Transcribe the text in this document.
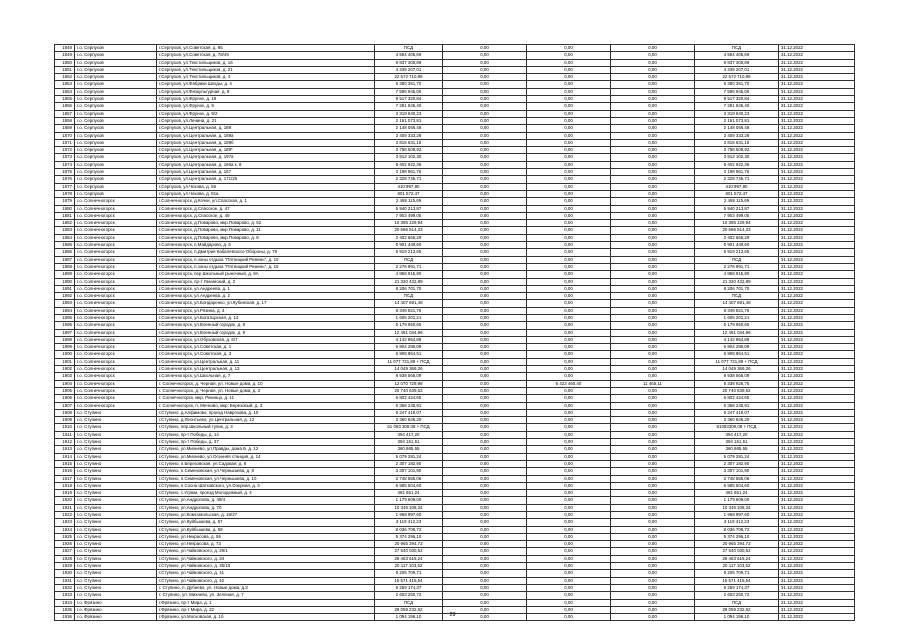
1848	г.о. Серпухов	г.Серпухов, ул.Советская, д. 85	ПСД	0,00	0,00	0,00	ПСД	31.12.2022
1849	г.о. Серпухов	г.Серпухов, ул.Советская, д. 78/49	4 594 405,69	0,00	0,00	0,00	4 594 405,69	31.12.2022
1850	г.о. Серпухов	г.Серпухов, ул.Текстильщиков, д. 16	9 837 300,89	0,00	0,00	0,00	9 837 300,89	31.12.2022
1851	г.о. Серпухов	г.Серпухов, ул.Текстильщиков, д. 21	4 339 207,01	0,00	0,00	0,00	4 339 207,01	31.12.2022
1852	г.о. Серпухов	г.Серпухов, ул.Текстильщиков, д. 4	22 572 710,98	0,00	0,00	0,00	22 572 710,98	31.12.2022
1853	г.о. Серпухов	г.Серпухов, ул.Фабрики Шкоды, д. 4	5 380 351,70	0,00	0,00	0,00	5 380 351,70	31.12.2022
1854	г.о. Серпухов	г.Серпухов, ул.Физкультурная, д. 8	7 596 946,06	0,00	0,00	0,00	7 596 946,06	31.12.2022
1855	г.о. Серпухов	г.Серпухов, ул.Фрунзе, д. 19	8 517 320,84	0,00	0,00	0,00	8 517 320,84	31.12.2022
1856	г.о. Серпухов	г.Серпухов, ул.Фрунзе, д. 9	7 281 946,40	0,00	0,00	0,00	7 281 946,40	31.12.2022
1857	г.о. Серпухов	г.Серпухов, ул.Фрунзе, д. 9/2	3 319 840,23	0,00	0,00	0,00	3 319 840,23	31.12.2022
1858	г.о. Серпухов	г.Серпухов, ул.Ленина, д. 21	2 161 073,81	0,00	0,00	0,00	2 161 073,81	31.12.2022
1859	г.о. Серпухов	г.Серпухов, ул.Центральная, д. 189	2 148 056,48	0,00	0,00	0,00	2 148 056,48	31.12.2022
1870	г.о. Серпухов	г.Серпухов, ул.Центральная, д. 189а	3 409 333,28	0,00	0,00	0,00	3 409 333,28	31.12.2022
1871	г.о. Серпухов	г.Серпухов, ул.Центральная, д. 189б	3 815 631,18	0,00	0,00	0,00	3 815 631,18	31.12.2022
1872	г.о. Серпухов	г.Серпухов, ул.Центральная, д. 189*	3 758 509,92	0,00	0,00	0,00	3 758 509,92	31.12.2022
1873	г.о. Серпухов	г.Серпухов, ул.Центральная, д. 197а	3 812 102,30	0,00	0,00	0,00	3 812 102,30	31.12.2022
1874	г.о. Серпухов	г.Серпухов, ул.Центральная, д. 166а к. 8	5 402 922,36	0,00	0,00	0,00	5 402 922,36	31.12.2022
1875	г.о. Серпухов	г.Серпухов, ул.Центральная, д. 167	3 198 961,76	0,00	0,00	0,00	3 198 961,76	31.12.2022
1876	г.о. Серпухов	г.Серпухов, ул.Центральная, д. 171/25	2 328 746,71	0,00	0,00	0,00	2 328 746,71	31.12.2022
1877	г.о. Серпухов	г.Серпухов, ул.Чехова, д. 56	410 997,90	0,00	0,00	0,00	410 997,90	31.12.2022
1878	г.о. Серпухов	г.Серпухов, ул.Чехова, д. 81а	801 572,47	0,00	0,00	0,00	801 572,47	31.12.2022
1879	г.о. Солнечногорск	г.Солнечногорск, д.Кочки, ул.Спасская, д. 1	2 469 115,69	0,00	0,00	0,00	2 469 115,69	31.12.2022
1880	г.о. Солнечногорск	г.Солнечногорск, д.Спасское, д. 47	6 940 213,87	0,00	0,00	0,00	6 940 213,87	31.12.2022
1881	г.о. Солнечногорск	г.Солнечногорск, д.Спасское, д. 48	7 903 499,05	0,00	0,00	0,00	7 903 499,05	31.12.2022
1882	г.о. Солнечногорск	г.Солнечногорск, д.Поварово, мкр.Поварово, д. 52	10 395 229,94	0,00	0,00	0,00	10 395 229,94	31.12.2022
1883	г.о. Солнечногорск	г.Солнечногорск, д.Поварово, мкр.Поварово, д. 11	20 666 514,33	0,00	0,00	0,00	20 666 514,33	31.12.2022
1884	г.о. Солнечногорск	г.Солнечногорск, д.Поварово, мкр.Поварово, д. 8	2 402 666,29	0,00	0,00	0,00	2 402 666,29	31.12.2022
1885	г.о. Солнечногорск	г.Солнечногорск, п.Майдарово, д. 6	5 901 449,60	0,00	0,00	0,00	5 901 449,60	31.12.2022
1886	г.о. Солнечногорск	г.Солнечногорск, п.Дмитрия Кабалевского-Обороны, д. 78	5 919 213,65	0,00	0,00	0,00	5 919 213,65	31.12.2022
1887	г.о. Солнечногорск	г.Солнечногорск, п.зоны отдыха "Пятницкий Ремень", д. 10	ПСД	0,00	0,00	0,00	ПСД	31.12.2022
1888	г.о. Солнечногорск	г.Солнечногорск, п.зоны отдыха "Пятницкий Ремень", д. 15	2 278 991,71	0,00	0,00	0,00	2 278 991,71	31.12.2022
1889	г.о. Солнечногорск	г.Солнечногорск, пер.Школьный рыночный, д. 9А	4 858 915,80	0,00	0,00	0,00	4 858 915,80	31.12.2022
1890	г.о. Солнечногорск	г.Солнечногорск, пр-т Ленинский, д. 2	21 320 432,89	0,00	0,00	0,00	21 320 432,89	31.12.2022
1891	г.о. Солнечногорск	г.Солнечногорск, ул.Андреева, д. 1	8 206 701,70	0,00	0,00	0,00	8 206 701,70	31.12.2022
1892	г.о. Солнечногорск	г.Солнечногорск, ул.Андреева, д. 2	ПСД	0,00	0,00	0,00	ПСД	31.12.2022
1893	г.о. Солнечногорск	г.Солнечногорск, ул.Бондаренко, ул.Кубинская, д. 17	14 407 691,48	0,00	0,00	0,00	14 407 691,48	31.12.2022
1894	г.о. Солнечногорск	г.Солнечногорск, ул.Рязина, д. 4	8 349 821,76	0,00	0,00	0,00	8 349 821,76	31.12.2022
1895	г.о. Солнечногорск	г.Солнечногорск, ул.Богатырская, д. 14	1 605 201,21	0,00	0,00	0,00	1 605 201,21	31.12.2022
1896	г.о. Солнечногорск	г.Солнечногорск, ул.Военный городок, д. 8	5 179 950,65	0,00	0,00	0,00	5 179 950,65	31.12.2022
1897	г.о. Солнечногорск	г.Солнечногорск, ул.Военный городок, д. 9	12 481 044,96	0,00	0,00	0,00	12 481 044,96	31.12.2022
1898	г.о. Солнечногорск	г.Солнечногорск, ул.Обуховская, д. 6/7	4 142 854,89	0,00	0,00	0,00	4 142 854,89	31.12.2022
1899	г.о. Солнечногорск	г.Солнечногорск, ул.Советская, д. 1	6 804 286,09	0,00	0,00	0,00	6 804 286,09	31.12.2022
1900	г.о. Солнечногорск	г.Солнечногорск, ул.Советская, д. 3	6 908 864,51	0,00	0,00	0,00	6 908 864,51	31.12.2022
1901	г.о. Солнечногорск	г.Солнечногорск, ул.Центральная, д. 11	11 077 731,89 + ПСД	0,00	0,00	0,00	11 077 731,89 + ПСД	31.12.2022
1902	г.о. Солнечногорск	г.Солнечногорск, ул.Центральная, д. 13	14 049 369,26	0,00	0,00	0,00	14 049 369,26	31.12.2022
1903	г.о. Солнечногорск	г.Солнечногорск, ул.Школьная, д. 7	9 938 565,09	0,00	0,00	0,00	9 938 565,09	31.12.2022
1904	г.о. Солнечногорск	г. Солнечногорск, д. Черная, ул. Новые дома, д. 10	12 070 729,98	0,00	5 423 460,40	11 465,11	5 338 926,75	31.12.2022
1905	г.о. Солнечногорск	г. Солнечногорск, д. Черная, ул. Новые дома, д. 3	20 740 639,62	0,00	0,00	0,00	20 740 639,62	31.12.2022
1906	г.о. Солнечногорск	г. Солнечногорск, мкр. Рекинцо, д. 11	6 802 424,65	0,00	0,00	0,00	6 802 424,65	31.12.2022
1907	г.о. Солнечногорск	г. Солнечногорск, п. Мечково, мкр. Березовый, д. 3	6 358 248,91	0,00	0,00	0,00	6 358 248,91	31.12.2022
1908	г.о. Ступино	г.Ступино, д.Алфимово, проезд Наврозова, д. 10	6 247 419,07	0,00	0,00	0,00	6 247 419,07	31.12.2022
1909	г.о. Ступино	г.Ступино, д.Леонтьево, ул.Центральная, д. 12	3 360 846,20	0,00	0,00	0,00	3 360 846,20	31.12.2022
1910	г.о. Ступино	г.Ступино, пер.Школьный тупик, д. 3	61 093 309,08 + ПСД	0,00	0,00	0,00	61093309,08 + ПСД	31.12.2022
1911	г.о. Ступино	г.Ступино, пр-т Победы, д. 14	394 417,20	0,00	0,00	0,00	394 417,20	31.12.2022
1912	г.о. Ступино	г.Ступино, пр-т Победы, д. 37	394 161,51	0,00	0,00	0,00	394 161,51	31.12.2022
1913	г.о. Ступино	г.Ступино, ул.Михнево, ул.Правды, дома Б, д. 12	360 865,55	0,00	0,00	0,00	360 865,55	31.12.2022
1914	г.о. Ступино	г.Ступино, ул.Михнево, ул.Осенняя станция, д. 14	5 079 281,24	0,00	0,00	0,00	5 079 281,24	31.12.2022
1915	г.о. Ступино	г.Ступино, п.Березовская, ул.Садовая, д. 8	2 307 182,90	0,00	0,00	0,00	2 307 182,90	31.12.2022
1916	г.о. Ступино	г.Ступино, п.Семеновская, ул.Чернышева, д. 9	3 307 101,90	0,00	0,00	0,00	3 307 101,90	31.12.2022
1917	г.о. Ступино	г.Ступино, п.Семеновская, ул.Чернышева, д. 10	2 748 555,06	0,00	0,00	0,00	2 748 555,06	31.12.2022
1918	г.о. Ступино	г.Ступино, п.Сосна Шатковского, ул.Озерная, д. 3	5 985 504,60	0,00	0,00	0,00	5 985 504,60	31.12.2022
1919	г.о. Ступино	г.Ступино, с.Угрюм, проезд Молодежный, д. 4	481 651,24	0,00	0,00	0,00	481 651,24	31.12.2022
1920	г.о. Ступино	г.Ступино, ул.Андропова, д. 49/4	1 179 609,00	0,00	0,00	0,00	1 179 609,00	31.12.2022
1921	г.о. Ступино	г.Ступино, ул.Андропова, д. 70	10 345 108,34	0,00	0,00	0,00	10 345 108,34	31.12.2022
1922	г.о. Ступино	г.Ступино, ул.Комсомольская, д. 18/27	1 968 997,60	0,00	0,00	0,00	1 968 997,60	31.12.2022
1923	г.о. Ступино	г.Ступино, ул.Куйбышева, д. 57	3 119 412,23	0,00	0,00	0,00	3 119 412,23	31.12.2022
1924	г.о. Ступино	г.Ступино, ул.Куйбышева, д. 59	8 036 708,72	0,00	0,00	0,00	8 036 708,72	31.12.2022
1925	г.о. Ступино	г.Ступино, ул.Некрасова, д. 56	5 374 296,10	0,00	0,00	0,00	5 374 296,10	31.12.2022
1926	г.о. Ступино	г.Ступино, ул.Некрасова, д. 73	20 965 294,73	0,00	0,00	0,00	20 965 294,73	31.12.2022
1927	г.о. Ступино	г.Ступино, ул.Чайковского, д. 29/1	27 540 030,52	0,00	0,00	0,00	27 540 030,52	31.12.2022
1928	г.о. Ступино	г.Ступино, ул.Чайковского, д. 34	28 463 616,24	0,00	0,00	0,00	28 463 616,24	31.12.2022
1929	г.о. Ступино	г.Ступино, ул.Чайковского, д. 35/10	20 117 103,52	0,00	0,00	0,00	20 117 103,52	31.12.2022
1930	г.о. Ступино	г.Ступино, ул.Чайковского, д. 41	8 205 709,71	0,00	0,00	0,00	8 205 709,71	31.12.2022
1931	г.о. Ступино	г.Ступино, ул.Чайковского, д. 42	15 571 416,54	0,00	0,00	0,00	15 571 416,54	31.12.2022
1932	г.о. Ступино	г. Ступино, п. Дубнево, ул. Новые дома, д.3	5 259 174,37	0,00	0,00	0,00	5 259 174,37	31.12.2022
1933	г.о. Ступино	г. Ступино, ул. Михнево, ул. Зеленая, д. 7	2 603 250,72	0,00	0,00	0,00	2 603 250,72	31.12.2022
1934	г.о. Фрязино	г.Фрязино, пр-т Мира, д. 1	ПСД	0,00	0,00	0,00	ПСД	31.12.2022
1935	г.о. Фрязино	г.Фрязино, пр-т Мира, д. 22	28 059 232,92	0,00	0,00	0,00	28 059 232,92	31.12.2022
1936	г.о. Фрязино	г.Фрязино, ул.Московская, д. 1б	1 094 196,10	0,00	0,00	0,00	1 094 196,10	31.12.2022
29
